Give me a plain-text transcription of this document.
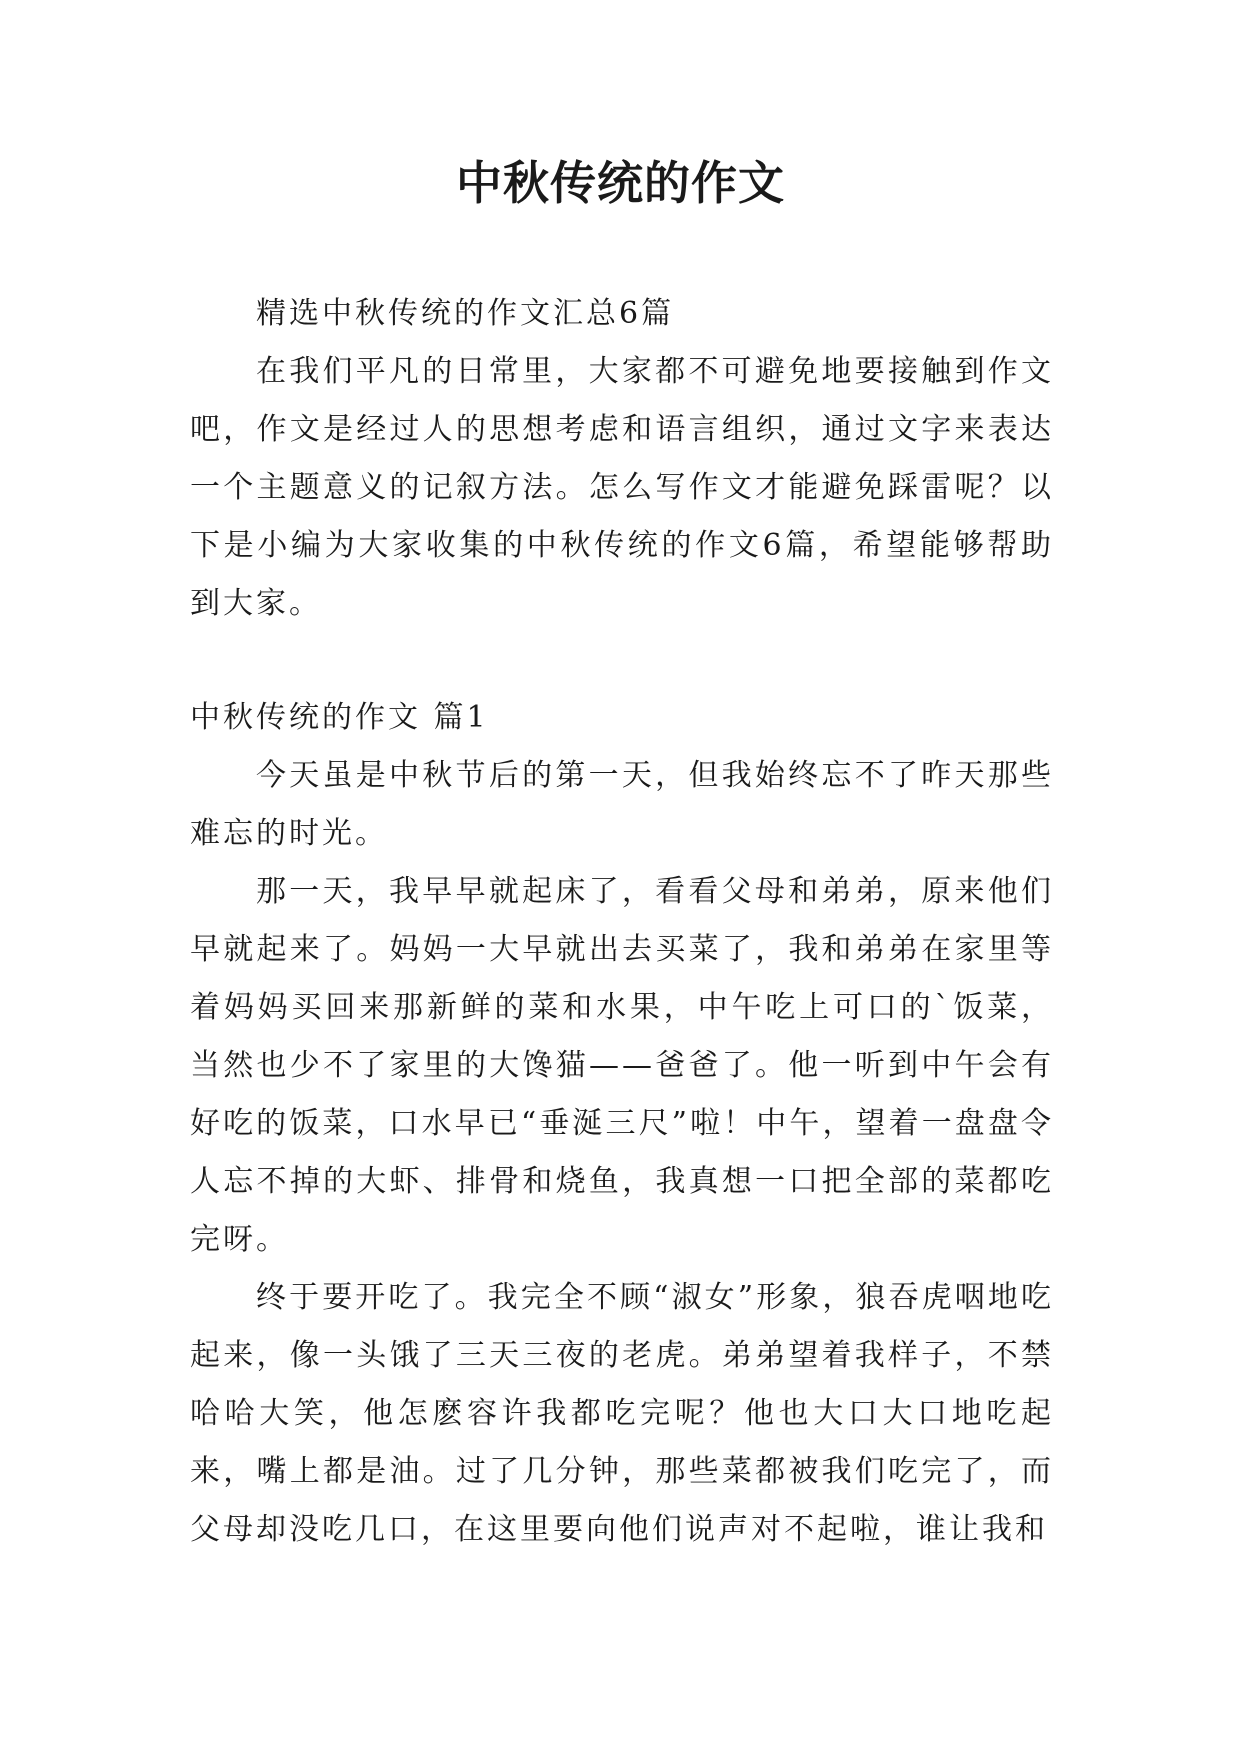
中秋传统的作文

精选中秋传统的作文汇总6篇

在我们平凡的日常里，大家都不可避免地要接触到作文吧，作文是经过人的思想考虑和语言组织，通过文字来表达一个主题意义的记叙方法。怎么写作文才能避免踩雷呢？以下是小编为大家收集的中秋传统的作文6篇，希望能够帮助到大家。

中秋传统的作文 篇1

今天虽是中秋节后的第一天，但我始终忘不了昨天那些难忘的时光。

那一天，我早早就起床了，看看父母和弟弟，原来他们早就起来了。妈妈一大早就出去买菜了，我和弟弟在家里等着妈妈买回来那新鲜的菜和水果，中午吃上可口的`饭菜，当然也少不了家里的大馋猫——爸爸了。他一听到中午会有好吃的饭菜，口水早已“垂涎三尺”啦！中午，望着一盘盘令人忘不掉的大虾、排骨和烧鱼，我真想一口把全部的菜都吃完呀。

终于要开吃了。我完全不顾“淑女”形象，狼吞虎咽地吃起来，像一头饿了三天三夜的老虎。弟弟望着我样子，不禁哈哈大笑，他怎麽容许我都吃完呢？他也大口大口地吃起来，嘴上都是油。过了几分钟，那些菜都被我们吃完了，而父母却没吃几口，在这里要向他们说声对不起啦，谁让我和
